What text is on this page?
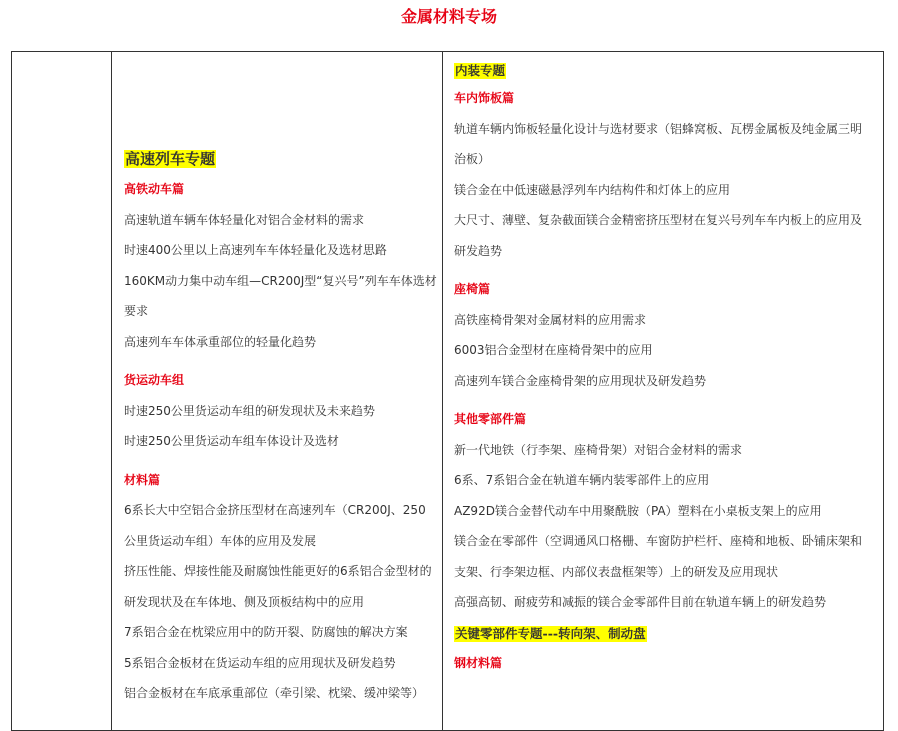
金属材料专场
高速列车专题
高铁动车篇
高速轨道车辆车体轻量化对铝合金材料的需求
时速400公里以上高速列车车体轻量化及选材思路
160KM动力集中动车组—CR200J型“复兴号”列车车体选材
要求
高速列车车体承重部位的轻量化趋势
货运动车组
时速250公里货运动车组的研发现状及未来趋势
时速250公里货运动车组车体设计及选材
材料篇
6系长大中空铝合金挤压型材在高速列车（CR200J、250
公里货运动车组）车体的应用及发展
挤压性能、焊接性能及耐腐蚀性能更好的6系铝合金型材的
研发现状及在车体地、侧及顶板结构中的应用
7系铝合金在枕梁应用中的防开裂、防腐蚀的解决方案
5系铝合金板材在货运动车组的应用现状及研发趋势
铝合金板材在车底承重部位（牵引梁、枕梁、缓冲梁等）
内装专题
车内饰板篇
轨道车辆内饰板轻量化设计与选材要求（铝蜂窝板、瓦楞金属板及纯金属三明
治板）
镁合金在中低速磁悬浮列车内结构件和灯体上的应用
大尺寸、薄壁、复杂截面镁合金精密挤压型材在复兴号列车车内板上的应用及
研发趋势
座椅篇
高铁座椅骨架对金属材料的应用需求
6003铝合金型材在座椅骨架中的应用
高速列车镁合金座椅骨架的应用现状及研发趋势
其他零部件篇
新一代地铁（行李架、座椅骨架）对铝合金材料的需求
6系、7系铝合金在轨道车辆内装零部件上的应用
AZ92D镁合金替代动车中用聚酰胺（PA）塑料在小桌板支架上的应用
镁合金在零部件（空调通风口格栅、车窗防护栏杆、座椅和地板、卧铺床架和
支架、行李架边框、内部仪表盘框架等）上的研发及应用现状
高强高韧、耐疲劳和减振的镁合金零部件目前在轨道车辆上的研发趋势
关键零部件专题---转向架、制动盘
钢材料篇
